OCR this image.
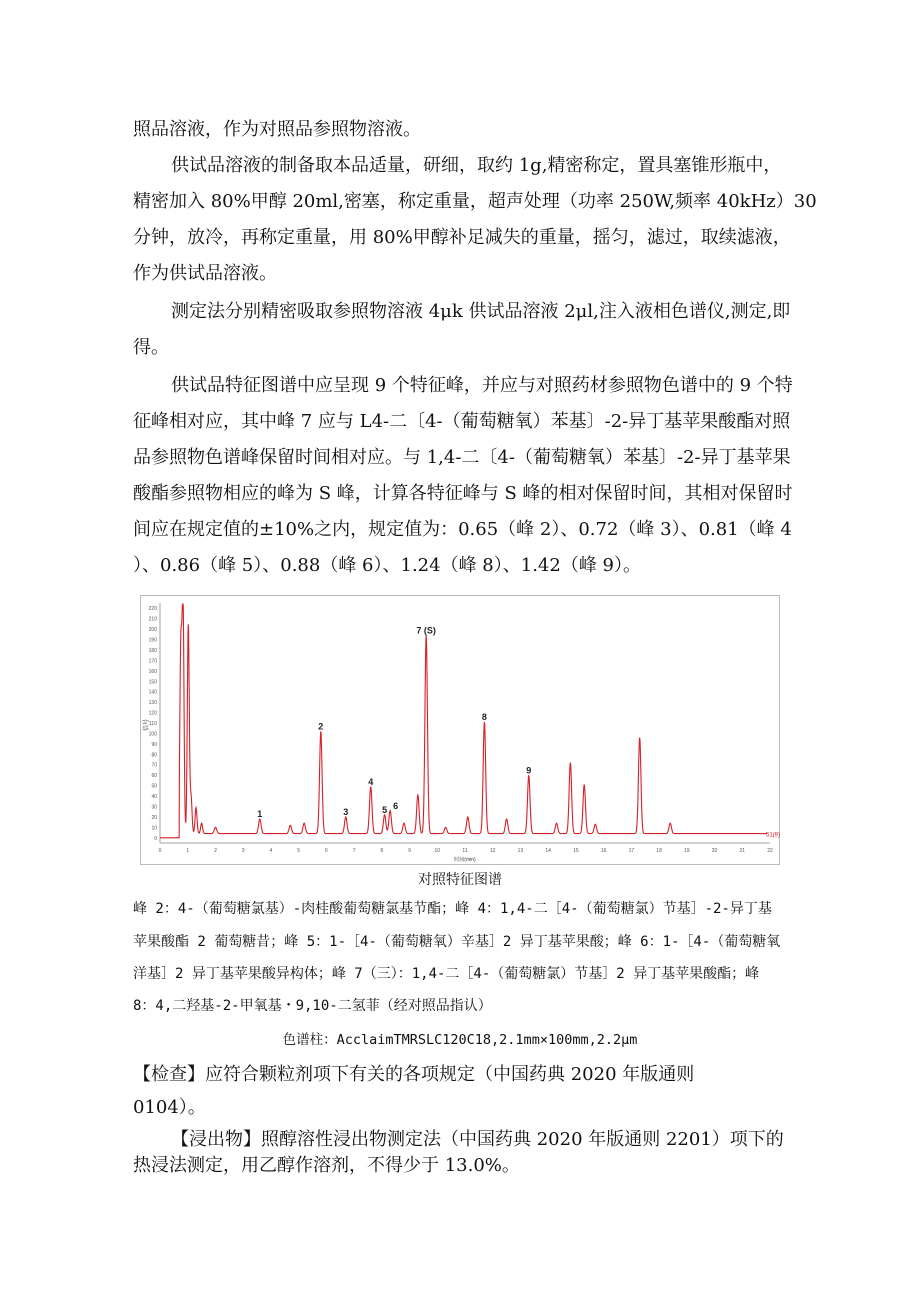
照品溶液，作为对照品参照物溶液。
供试品溶液的制备取本品适量，研细，取约 1g,精密称定，置具塞锥形瓶中，
精密加入 80%甲醇 20ml,密塞，称定重量，超声处理（功率 250W,频率 40kHz）30
分钟，放冷，再称定重量，用 80%甲醇补足减失的重量，摇匀，滤过，取续滤液，
作为供试品溶液。
测定法分别精密吸取参照物溶液 4μk 供试品溶液 2μl,注入液相色谱仪,测定,即
得。
供试品特征图谱中应呈现 9 个特征峰，并应与对照药材参照物色谱中的 9 个特
征峰相对应，其中峰 7 应与 L4-二〔4-（葡萄糖氧）苯基〕-2-异丁基苹果酸酯对照
品参照物色谱峰保留时间相对应。与 1,4-二〔4-（葡萄糖氧）苯基〕-2-异丁基苹果
酸酯参照物相应的峰为 S 峰，计算各特征峰与 S 峰的相对保留时间，其相对保留时
间应在规定值的±10%之内，规定值为：0.65（峰 2）、0.72（峰 3）、0.81（峰 4
）、0.86（峰 5）、0.88（峰 6）、1.24（峰 8）、1.42（峰 9）。
0
10
20
30
40
50
60
70
80
90
100
110
120
130
140
150
160
170
180
190
200
210
220
0	1	2	3	4	5	6	7	8	9	10	11	12	13	14	15	16	17	18	19	20	21	22
时间(min)
信号
1
2
3
4
5 6
7 (S)
8
9
51(9)
对照特征图谱
峰 2：4-（葡萄糖氯基）-肉桂酸葡萄糖氯基节酯；峰 4：1,4-二［4-（葡萄糖氯）节基］-2-异丁基
苹果酸酯 2 葡萄糖昔；峰 5：1-［4-（葡萄糖氧）辛基］2 异丁基苹果酸；峰 6：1-［4-（葡萄糖氧
洋基］2 异丁基苹果酸异构体；峰 7（三）：1,4-二［4-（葡萄糖氯）节基］2 异丁基苹果酸酯；峰
8：4,二羟基-2-甲氧基・9,10-二氢菲（经对照品指认）
色谱柱：AcclaimTMRSLC120C18,2.1mm×100mm,2.2μm
【检查】应符合颗粒剂项下有关的各项规定（中国药典 2020 年版通则
0104）。
【浸出物】照醇溶性浸出物测定法（中国药典 2020 年版通则 2201）项下的
热浸法测定，用乙醇作溶剂，不得少于 13.0%。
